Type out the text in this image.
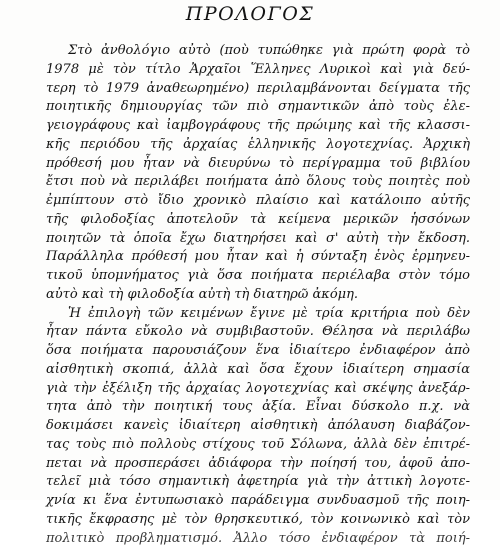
ΠΡΟΛΟΓΟΣ
Στὸ ἀνθολόγιο αὐτὸ (ποὺ τυπώθηκε γιὰ πρώτη φορὰ τὸ
1978 μὲ τὸν τίτλο Ἀρχαῖοι Ἕλληνες Λυρικοὶ καὶ γιὰ δεύ-
τερη τὸ 1979 ἀναθεωρημένο) περιλαμβάνονται δείγματα τῆς
ποιητικῆς δημιουργίας τῶν πιὸ σημαντικῶν ἀπὸ τοὺς ἐλε-
γειογράφους καὶ ἰαμβογράφους τῆς πρώιμης καὶ τῆς κλασσι-
κῆς περιόδου τῆς ἀρχαίας ἑλληνικῆς λογοτεχνίας. Ἀρχικὴ
πρόθεσή μου ἦταν νὰ διευρύνω τὸ περίγραμμα τοῦ βιβλίου
ἔτσι ποὺ νὰ περιλάβει ποιήματα ἀπὸ ὅλους τοὺς ποιητὲς ποὺ
ἐμπίπτουν στὸ ἴδιο χρονικὸ πλαίσιο καὶ κατάλοιπο αὐτῆς
τῆς φιλοδοξίας ἀποτελοῦν τὰ κείμενα μερικῶν ἡσσόνων
ποιητῶν τὰ ὁποῖα ἔχω διατηρήσει καὶ σ' αὐτὴ τὴν ἔκδοση.
Παράλληλα πρόθεσή μου ἦταν καὶ ἡ σύνταξη ἑνὸς ἑρμηνευ-
τικοῦ ὑπομνήματος γιὰ ὅσα ποιήματα περιέλαβα στὸν τόμο
αὐτὸ καὶ τὴ φιλοδοξία αὐτὴ τὴ διατηρῶ ἀκόμη.
Ἡ ἐπιλογὴ τῶν κειμένων ἔγινε μὲ τρία κριτήρια ποὺ δὲν
ἦταν πάντα εὔκολο νὰ συμβιβαστοῦν. Θέλησα νὰ περιλάβω
ὅσα ποιήματα παρουσιάζουν ἕνα ἰδιαίτερο ἐνδιαφέρον ἀπὸ
αἰσθητικὴ σκοπιά, ἀλλὰ καὶ ὅσα ἔχουν ἰδιαίτερη σημασία
γιὰ τὴν ἐξέλιξη τῆς ἀρχαίας λογοτεχνίας καὶ σκέψης ἀνεξάρ-
τητα ἀπὸ τὴν ποιητική τους ἀξία. Εἶναι δύσκολο π.χ. νὰ
δοκιμάσει κανεὶς ἰδιαίτερη αἰσθητικὴ ἀπόλαυση διαβάζον-
τας τοὺς πιὸ πολλοὺς στίχους τοῦ Σόλωνα, ἀλλὰ δὲν ἐπιτρέ-
πεται νὰ προσπεράσει ἀδιάφορα τὴν ποίησή του, ἀφοῦ ἀπο-
τελεῖ μιὰ τόσο σημαντικὴ ἀφετηρία γιὰ τὴν ἀττικὴ λογοτε-
χνία κι ἕνα ἐντυπωσιακὸ παράδειγμα συνδυασμοῦ τῆς ποιη-
τικῆς ἔκφρασης μὲ τὸν θρησκευτικό, τὸν κοινωνικὸ καὶ τὸν
πολιτικὸ προβληματισμό. Ἀλλο τόσο ἐνδιαφέρον τὰ ποιή-
